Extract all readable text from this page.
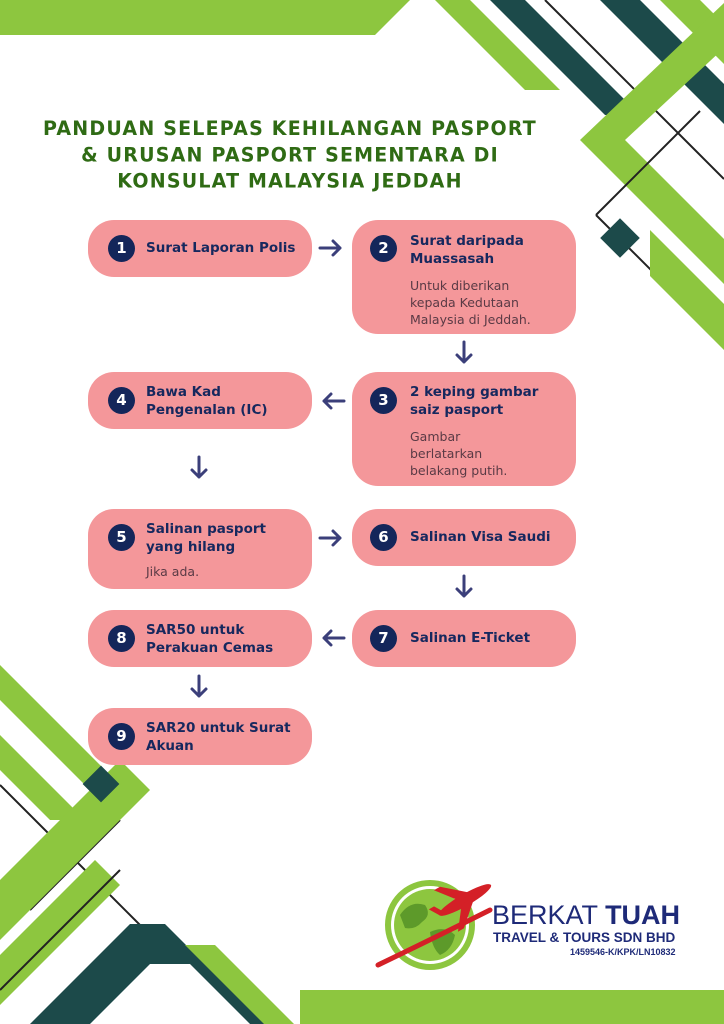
PANDUAN SELEPAS KEHILANGAN PASPORT
& URUSAN PASPORT SEMENTARA DI
KONSULAT MALAYSIA JEDDAH
1	Surat Laporan Polis	2	Surat daripada
Muassasah
Untuk diberikan
kepada Kedutaan
Malaysia di Jeddah.
4	Bawa Kad
Pengenalan (IC)
3	2 keping gambar
saiz pasport
Gambar
berlatarkan
belakang putih.
5	Salinan pasport
yang hilang
Jika ada.
6	Salinan Visa Saudi
8	SAR50 untuk
Perakuan Cemas
7	Salinan E-Ticket
9	SAR20 untuk Surat
Akuan
BERKAT TUAH
TRAVEL & TOURS SDN BHD
1459546-K/KPK/LN10832
